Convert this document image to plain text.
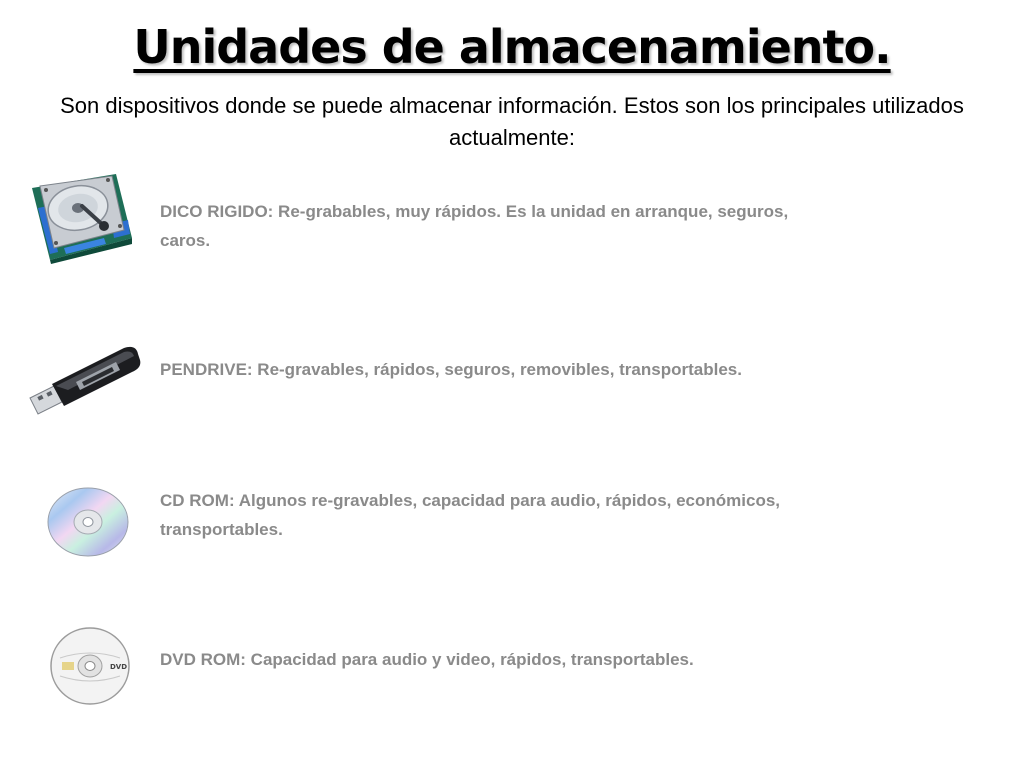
Unidades de almacenamiento.
Son dispositivos donde se puede almacenar información. Estos son los principales utilizados actualmente:
DICO RIGIDO: Re-grabables, muy rápidos. Es la unidad en arranque, seguros, caros.
PENDRIVE: Re-gravables, rápidos, seguros, removibles, transportables.
CD ROM: Algunos re-gravables, capacidad para audio, rápidos, económicos, transportables.
DVD DVD ROM: Capacidad para audio y video, rápidos, transportables.
